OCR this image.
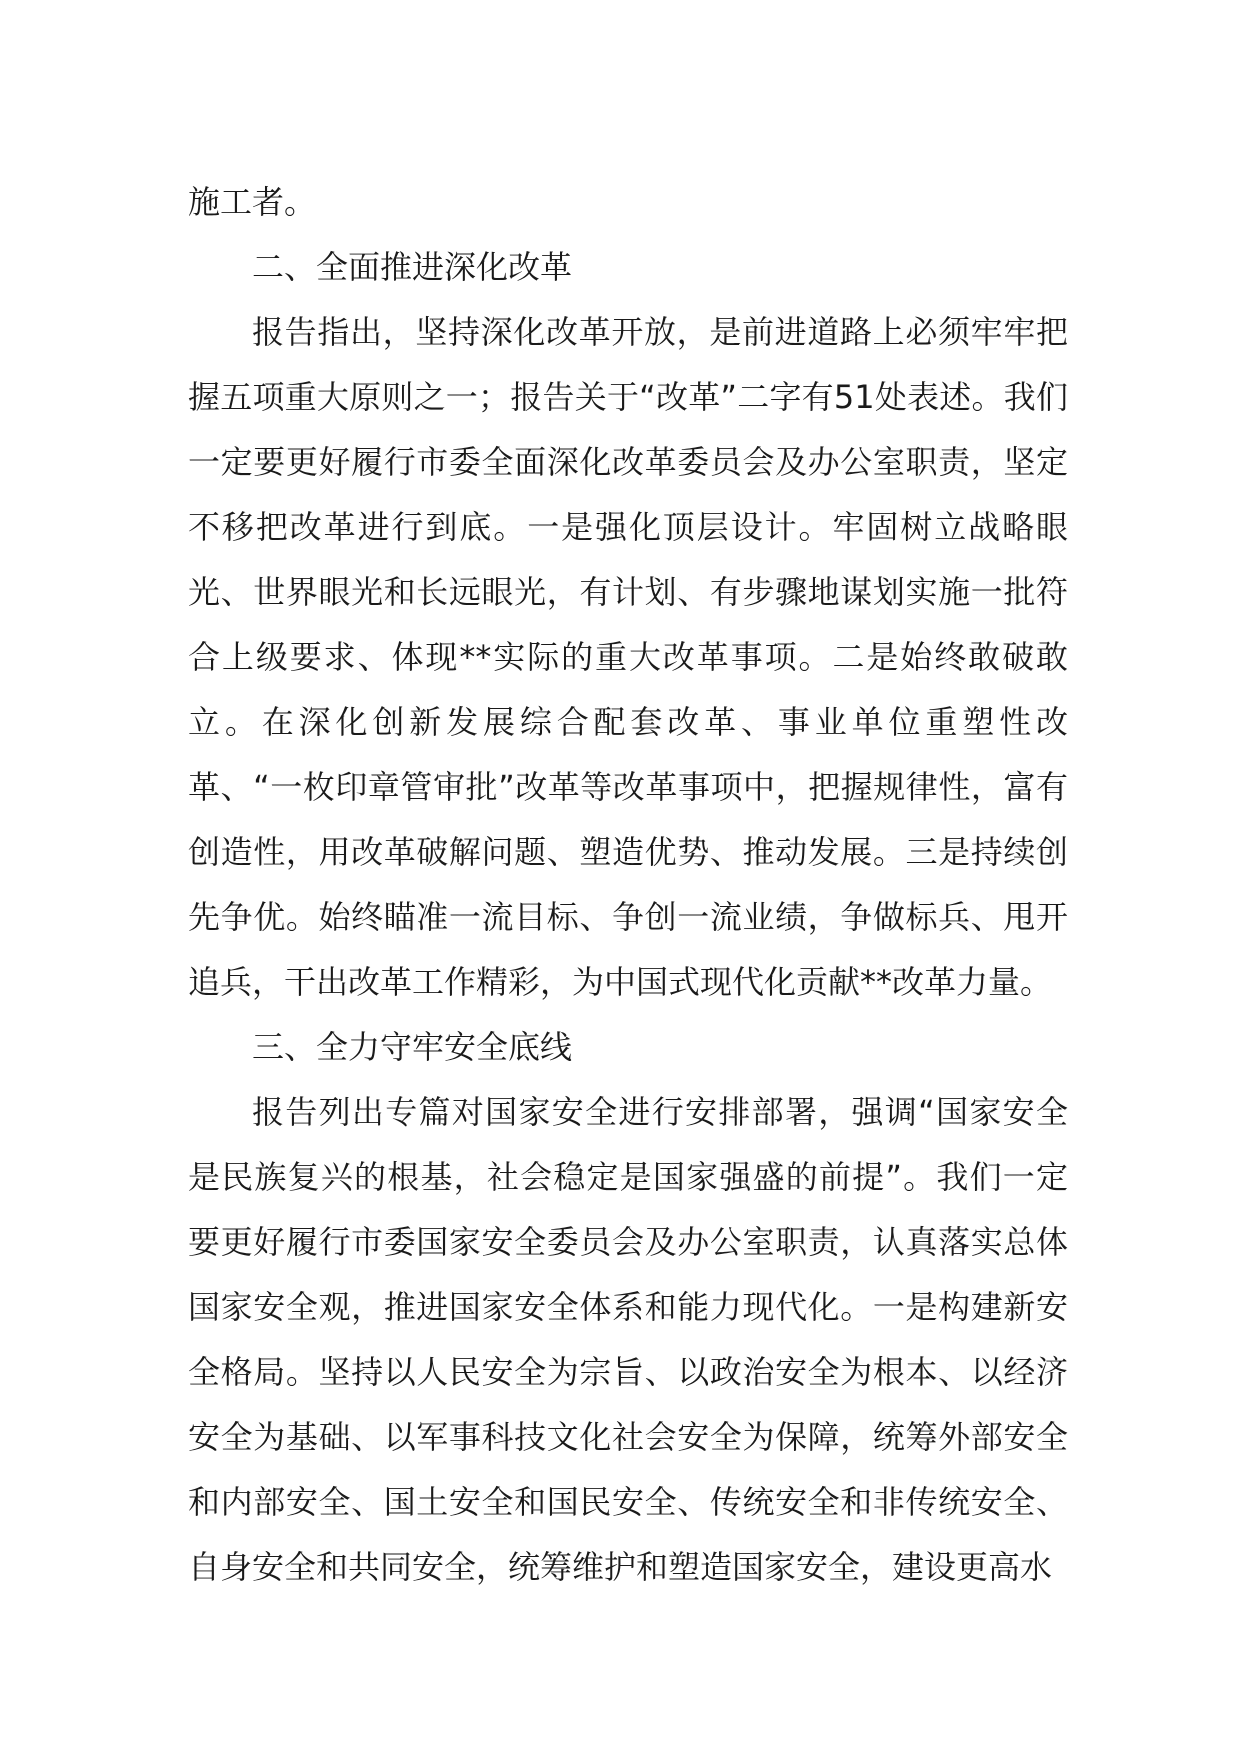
施工者。

二、全面推进深化改革

报告指出，坚持深化改革开放，是前进道路上必须牢牢把握五项重大原则之一；报告关于“改革”二字有51处表述。我们一定要更好履行市委全面深化改革委员会及办公室职责，坚定不移把改革进行到底。一是强化顶层设计。牢固树立战略眼光、世界眼光和长远眼光，有计划、有步骤地谋划实施一批符合上级要求、体现**实际的重大改革事项。二是始终敢破敢立。在深化创新发展综合配套改革、事业单位重塑性改革、“一枚印章管审批”改革等改革事项中，把握规律性，富有创造性，用改革破解问题、塑造优势、推动发展。三是持续创先争优。始终瞄准一流目标、争创一流业绩，争做标兵、甩开追兵，干出改革工作精彩，为中国式现代化贡献**改革力量。

三、全力守牢安全底线

报告列出专篇对国家安全进行安排部署，强调“国家安全是民族复兴的根基，社会稳定是国家强盛的前提”。我们一定要更好履行市委国家安全委员会及办公室职责，认真落实总体国家安全观，推进国家安全体系和能力现代化。一是构建新安全格局。坚持以人民安全为宗旨、以政治安全为根本、以经济安全为基础、以军事科技文化社会安全为保障，统筹外部安全和内部安全、国土安全和国民安全、传统安全和非传统安全、自身安全和共同安全，统筹维护和塑造国家安全，建设更高水
